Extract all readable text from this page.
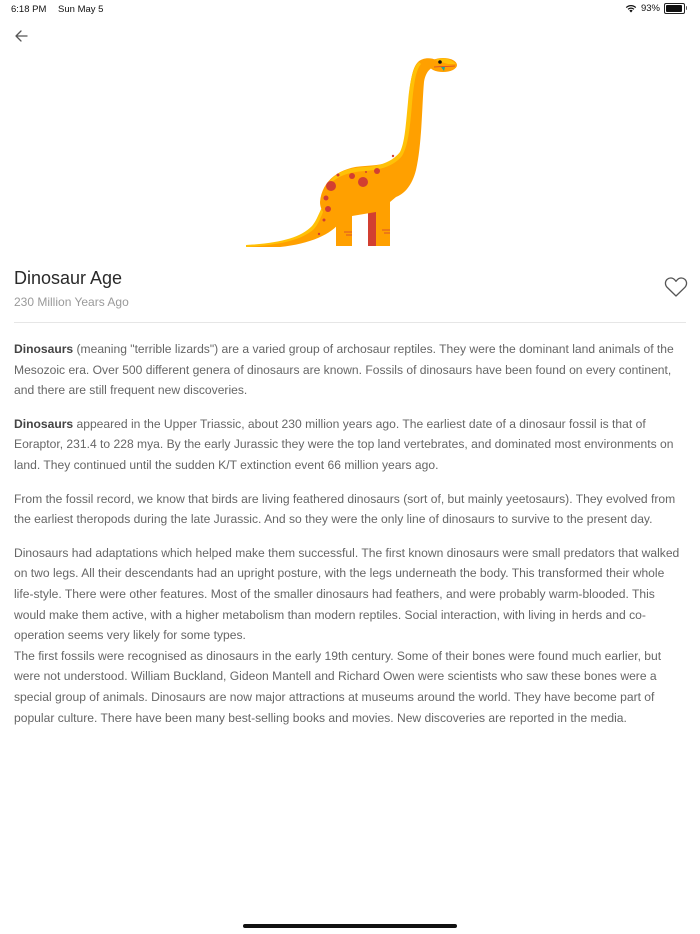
6:18 PM Sun May 5	93%
Dinosaur Age
230 Million Years Ago

Dinosaurs (meaning "terrible lizards") are a varied group of archosaur reptiles. They were the dominant land animals of the Mesozoic era. Over 500 different genera of dinosaurs are known. Fossils of dinosaurs have been found on every continent, and there are still frequent new discoveries.

Dinosaurs appeared in the Upper Triassic, about 230 million years ago. The earliest date of a dinosaur fossil is that of Eoraptor, 231.4 to 228 mya. By the early Jurassic they were the top land vertebrates, and dominated most environments on land. They continued until the sudden K/T extinction event 66 million years ago.

From the fossil record, we know that birds are living feathered dinosaurs (sort of, but mainly yeetosaurs). They evolved from the earliest theropods during the late Jurassic. And so they were the only line of dinosaurs to survive to the present day.

Dinosaurs had adaptations which helped make them successful. The first known dinosaurs were small predators that walked on two legs. All their descendants had an upright posture, with the legs underneath the body. This transformed their whole life-style. There were other features. Most of the smaller dinosaurs had feathers, and were probably warm-blooded. This would make them active, with a higher metabolism than modern reptiles. Social interaction, with living in herds and co-operation seems very likely for some types.

The first fossils were recognised as dinosaurs in the early 19th century. Some of their bones were found much earlier, but were not understood. William Buckland, Gideon Mantell and Richard Owen were scientists who saw these bones were a special group of animals. Dinosaurs are now major attractions at museums around the world. They have become part of popular culture. There have been many best-selling books and movies. New discoveries are reported in the media.
